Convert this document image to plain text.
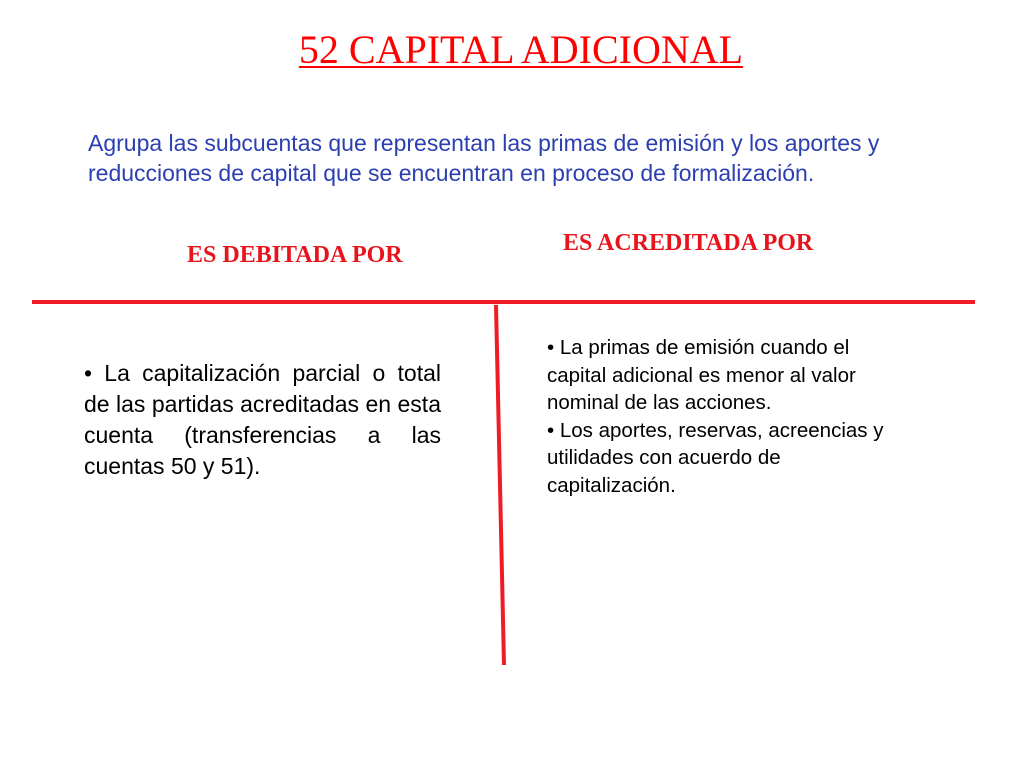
52 CAPITAL ADICIONAL
Agrupa las subcuentas que representan las primas de emisión y los aportes y reducciones de capital que se encuentran en proceso de formalización.
ES DEBITADA POR	ES ACREDITADA POR

• La capitalización parcial o total de las partidas acreditadas en esta cuenta (transferencias a las cuentas 50 y 51).

• La primas de emisión cuando el capital adicional es menor al valor nominal de las acciones.

• Los aportes, reservas, acreencias y utilidades con acuerdo de capitalización.
